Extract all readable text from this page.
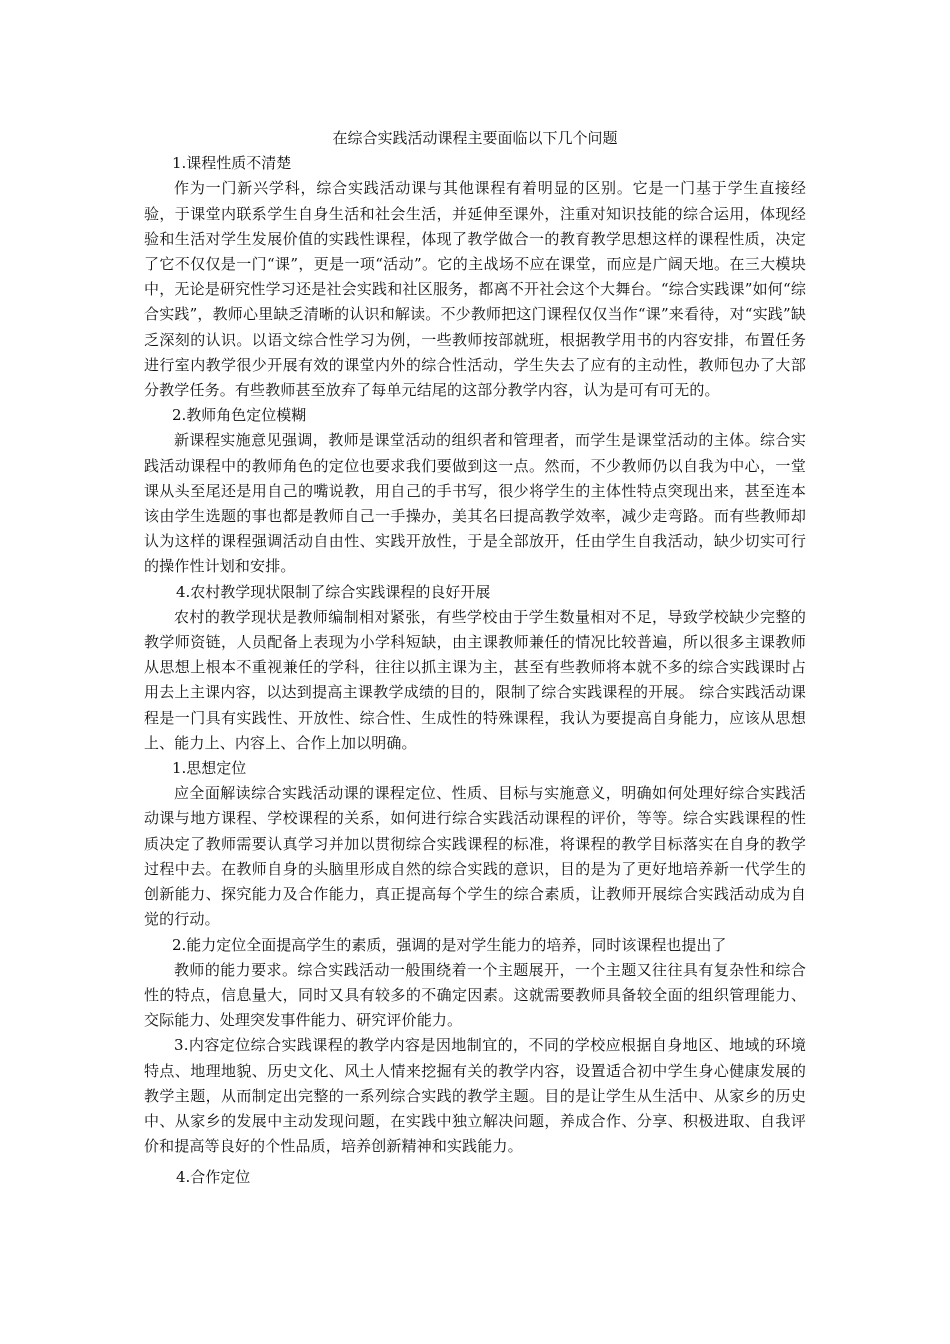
在综合实践活动课程主要面临以下几个问题

1.课程性质不清楚

作为一门新兴学科，综合实践活动课与其他课程有着明显的区别。它是一门基于学生直接经验，于课堂内联系学生自身生活和社会生活，并延伸至课外，注重对知识技能的综合运用，体现经验和生活对学生发展价值的实践性课程，体现了教学做合一的教育教学思想这样的课程性质，决定了它不仅仅是一门“课”，更是一项“活动”。它的主战场不应在课堂，而应是广阔天地。在三大模块中，无论是研究性学习还是社会实践和社区服务，都离不开社会这个大舞台。“综合实践课”如何“综合实践”，教师心里缺乏清晰的认识和解读。不少教师把这门课程仅仅当作“课”来看待，对“实践”缺乏深刻的认识。以语文综合性学习为例，一些教师按部就班，根据教学用书的内容安排，布置任务进行室内教学很少开展有效的课堂内外的综合性活动，学生失去了应有的主动性，教师包办了大部分教学任务。有些教师甚至放弃了每单元结尾的这部分教学内容，认为是可有可无的。

2.教师角色定位模糊

新课程实施意见强调，教师是课堂活动的组织者和管理者，而学生是课堂活动的主体。综合实践活动课程中的教师角色的定位也要求我们要做到这一点。然而，不少教师仍以自我为中心，一堂课从头至尾还是用自己的嘴说教，用自己的手书写，很少将学生的主体性特点突现出来，甚至连本该由学生选题的事也都是教师自己一手操办，美其名曰提高教学效率，减少走弯路。而有些教师却认为这样的课程强调活动自由性、实践开放性，于是全部放开，任由学生自我活动，缺少切实可行的操作性计划和安排。

4.农村教学现状限制了综合实践课程的良好开展

农村的教学现状是教师编制相对紧张，有些学校由于学生数量相对不足，导致学校缺少完整的教学师资链，人员配备上表现为小学科短缺，由主课教师兼任的情况比较普遍，所以很多主课教师从思想上根本不重视兼任的学科，往往以抓主课为主，甚至有些教师将本就不多的综合实践课时占用去上主课内容，以达到提高主课教学成绩的目的，限制了综合实践课程的开展。 综合实践活动课程是一门具有实践性、开放性、综合性、生成性的特殊课程，我认为要提高自身能力，应该从思想上、能力上、内容上、合作上加以明确。

1.思想定位

应全面解读综合实践活动课的课程定位、性质、目标与实施意义，明确如何处理好综合实践活动课与地方课程、学校课程的关系，如何进行综合实践活动课程的评价，等等。综合实践课程的性质决定了教师需要认真学习并加以贯彻综合实践课程的标准，将课程的教学目标落实在自身的教学过程中去。在教师自身的头脑里形成自然的综合实践的意识，目的是为了更好地培养新一代学生的创新能力、探究能力及合作能力，真正提高每个学生的综合素质，让教师开展综合实践活动成为自觉的行动。

2.能力定位全面提高学生的素质，强调的是对学生能力的培养，同时该课程也提出了

教师的能力要求。综合实践活动一般围绕着一个主题展开，一个主题又往往具有复杂性和综合性的特点，信息量大，同时又具有较多的不确定因素。这就需要教师具备较全面的组织管理能力、交际能力、处理突发事件能力、研究评价能力。

3.内容定位综合实践课程的教学内容是因地制宜的，不同的学校应根据自身地区、地域的环境特点、地理地貌、历史文化、风土人情来挖掘有关的教学内容，设置适合初中学生身心健康发展的教学主题，从而制定出完整的一系列综合实践的教学主题。目的是让学生从生活中、从家乡的历史中、从家乡的发展中主动发现问题，在实践中独立解决问题，养成合作、分享、积极进取、自我评价和提高等良好的个性品质，培养创新精神和实践能力。

4.合作定位
